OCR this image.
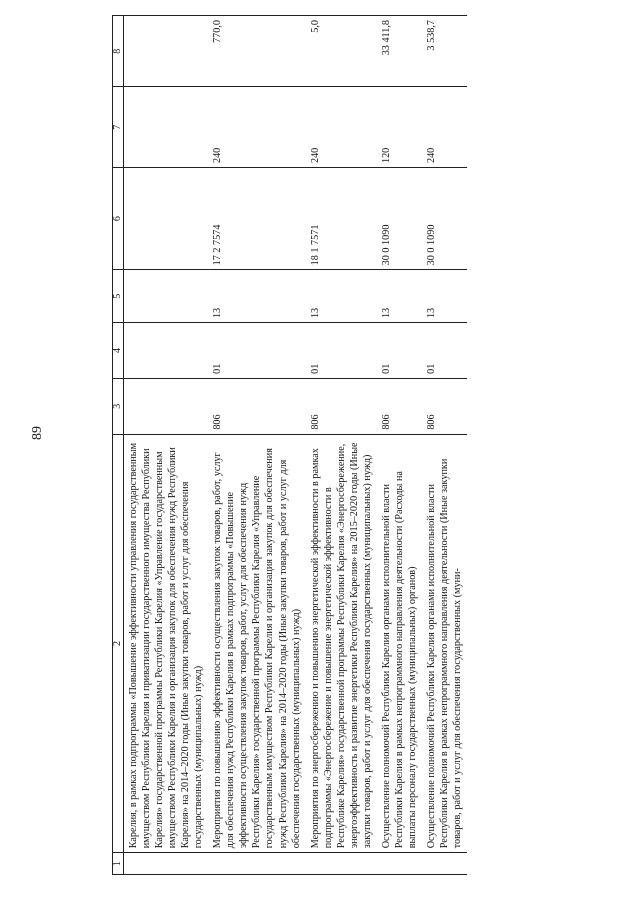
89
1	2	3	4	5	6	7	8
	Карелия, в рамках подпрограммы «Повышение эффективности управления государственным имуществом Республики Карелия и приватизации государственного имущества Республики Карелия» государственной программы Республики Карелия «Управление государственным имуществом Республики Карелия и организация закупок для обеспечения нужд Республики Карелия» на 2014–2020 годы (Иные закупки товаров, работ и услуг для обеспечения государственных (муниципальных) нужд)						
	Мероприятия по повышению эффективности осуществления закупок товаров, работ, услуг для обеспечения нужд Республики Карелия в рамках подпрограммы «Повышение эффективности осуществления закупок товаров, работ, услуг для обеспечения нужд Республики Карелия» государственной программы Республики Карелия «Управление государственным имуществом Республики Карелия и организация закупок для обеспечения нужд Республики Карелия» на 2014–2020 годы (Иные закупки товаров, работ и услуг для обеспечения государственных (муниципальных) нужд)	806	01	13	17 2 7574	240	770,0
	Мероприятия по энергосбережению и повышению энергетической эффективности в рамках подпрограммы «Энергосбережение и повышение энергетической эффективности в Республике Карелия» государственной программы Республики Карелия «Энергосбережение, энергоэффективность и развитие энергетики Республики Карелия» на 2015–2020 годы (Иные закупки товаров, работ и услуг для обеспечения государственных (муниципальных) нужд)	806	01	13	18 1 7571	240	5,0
	Осуществление полномочий Республики Карелия органами исполнительной власти Республики Карелия в рамках непрограммного направления деятельности (Расходы на выплаты персоналу государственных (муниципальных) органов)	806	01	13	30 0 1090	120	33 411,8
	Осуществление полномочий Республики Карелия органами исполнительной власти Республики Карелия в рамках непрограммного направления деятельности (Иные закупки товаров, работ и услуг для обеспечения государственных (муни-	806	01	13	30 0 1090	240	3 538,7
